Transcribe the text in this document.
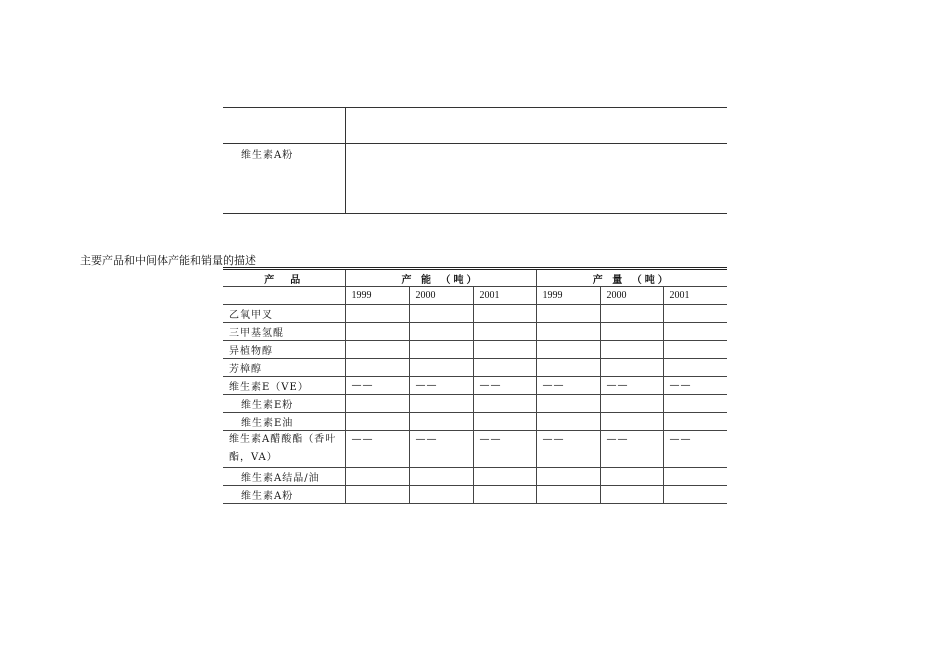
维生素A粉
主要产品和中间体产能和销量的描述
产　品	产 能 （吨）			产 量 （吨）		
	1999	2000	2001	1999	2000	2001
乙氧甲叉						
三甲基氢醌						
异植物醇						
芳樟醇						
维生素E（VE）	——	——	——	——	——	——
维生素E粉						
维生素E油						
维生素A醋酸酯（香叶酯，VA）	——	——	——	——	——	——
维生素A结晶/油						
维生素A粉						
